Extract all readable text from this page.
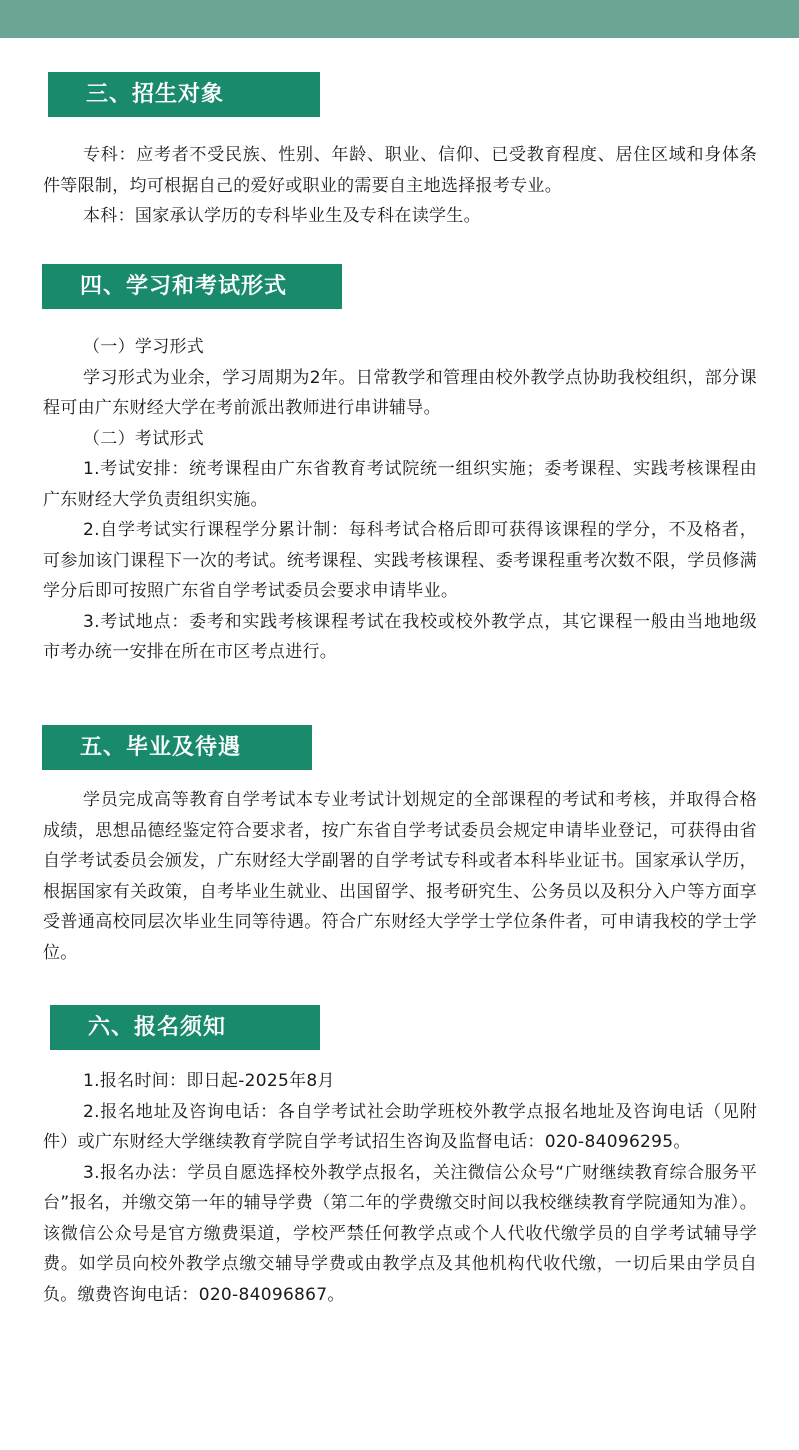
三、招生对象

专科：应考者不受民族、性别、年龄、职业、信仰、已受教育程度、居住区域和身体条件等限制，均可根据自己的爱好或职业的需要自主地选择报考专业。

本科：国家承认学历的专科毕业生及专科在读学生。

四、学习和考试形式

（一）学习形式

学习形式为业余，学习周期为2年。日常教学和管理由校外教学点协助我校组织，部分课程可由广东财经大学在考前派出教师进行串讲辅导。

（二）考试形式

1.考试安排：统考课程由广东省教育考试院统一组织实施；委考课程、实践考核课程由广东财经大学负责组织实施。

2.自学考试实行课程学分累计制：每科考试合格后即可获得该课程的学分，不及格者，可参加该门课程下一次的考试。统考课程、实践考核课程、委考课程重考次数不限，学员修满学分后即可按照广东省自学考试委员会要求申请毕业。

3.考试地点：委考和实践考核课程考试在我校或校外教学点，其它课程一般由当地地级市考办统一安排在所在市区考点进行。

五、毕业及待遇

学员完成高等教育自学考试本专业考试计划规定的全部课程的考试和考核，并取得合格成绩，思想品德经鉴定符合要求者，按广东省自学考试委员会规定申请毕业登记，可获得由省自学考试委员会颁发，广东财经大学副署的自学考试专科或者本科毕业证书。国家承认学历，根据国家有关政策，自考毕业生就业、出国留学、报考研究生、公务员以及积分入户等方面享受普通高校同层次毕业生同等待遇。符合广东财经大学学士学位条件者，可申请我校的学士学位。

六、报名须知

1.报名时间：即日起-2025年8月

2.报名地址及咨询电话：各自学考试社会助学班校外教学点报名地址及咨询电话（见附件）或广东财经大学继续教育学院自学考试招生咨询及监督电话：020-84096295。

3.报名办法：学员自愿选择校外教学点报名，关注微信公众号“广财继续教育综合服务平台”报名，并缴交第一年的辅导学费（第二年的学费缴交时间以我校继续教育学院通知为准）。该微信公众号是官方缴费渠道，学校严禁任何教学点或个人代收代缴学员的自学考试辅导学费。如学员向校外教学点缴交辅导学费或由教学点及其他机构代收代缴，一切后果由学员自负。缴费咨询电话：020-84096867。
